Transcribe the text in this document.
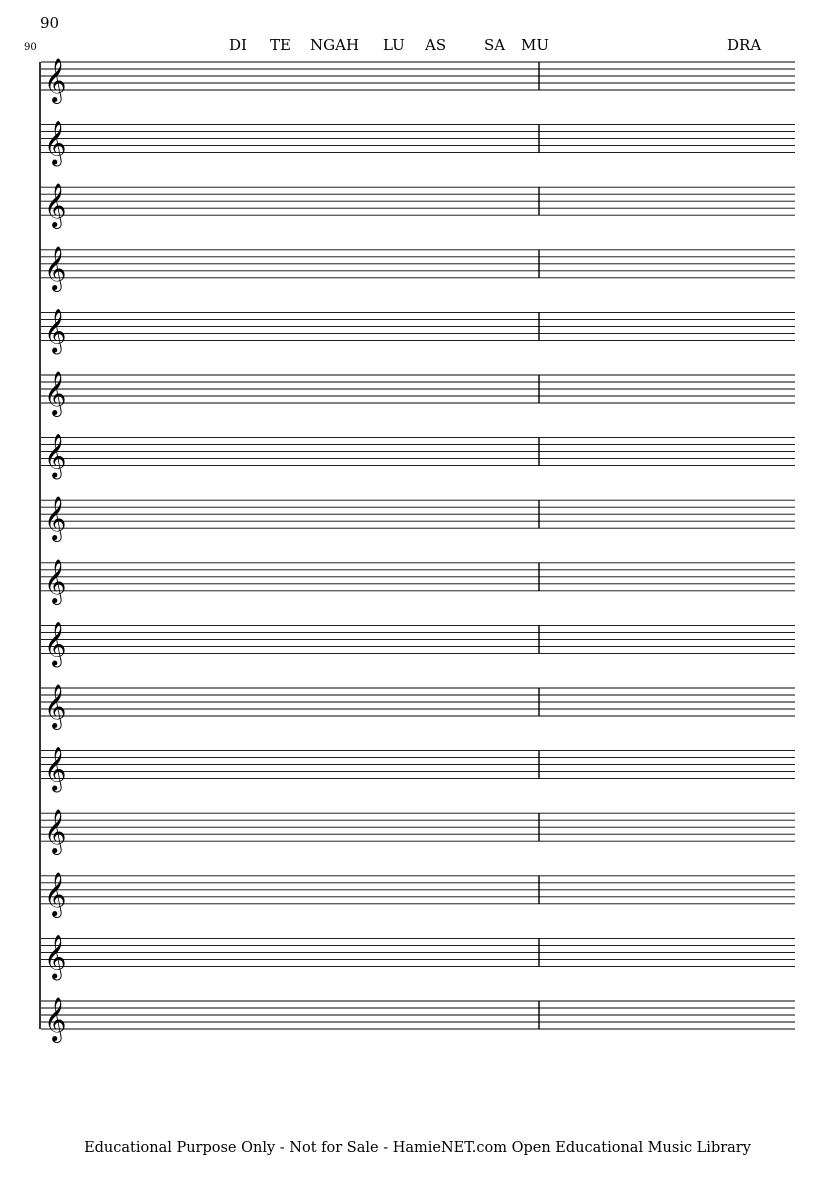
90
90	DI TE NGAH LU AS	SA MU	DRA
𝄞
𝄞
𝄞
𝄞
𝄞
𝄞
𝄞
𝄞
𝄞
𝄞
𝄞
𝄞
𝄞
𝄞
𝄞
𝄞
Educational Purpose Only - Not for Sale - HamieNET.com Open Educational Music Library
